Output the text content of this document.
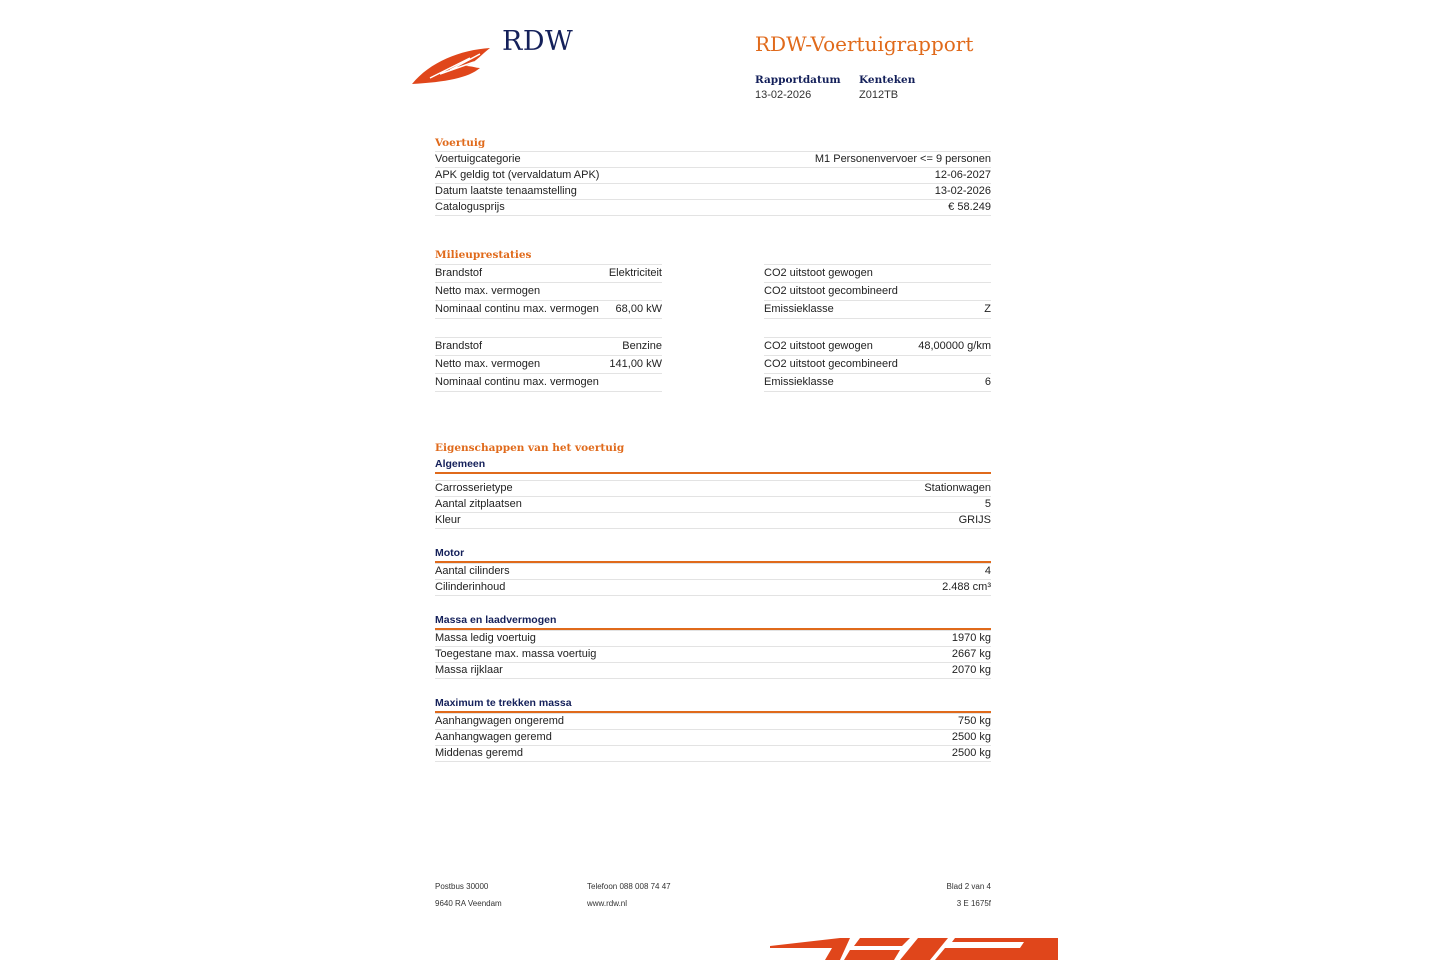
RDW	RDW-Voertuigrapport
Rapportdatum
13-02-2026
Kenteken
Z012TB
Voertuig
Voertuigcategorie	M1 Personenvervoer <= 9 personen
APK geldig tot (vervaldatum APK)	12-06-2027
Datum laatste tenaamstelling	13-02-2026
Catalogusprijs	€ 58.249
Milieuprestaties
Brandstof	Elektriciteit
Netto max. vermogen
Nominaal continu max. vermogen 68,00 kW
CO2 uitstoot gewogen
CO2 uitstoot gecombineerd
Emissieklasse	Z
Brandstof	Benzine
Netto max. vermogen	141,00 kW
Nominaal continu max. vermogen
CO2 uitstoot gewogen	48,00000 g/km
CO2 uitstoot gecombineerd
Emissieklasse	6
Eigenschappen van het voertuig
Algemeen
Carrosserietype	Stationwagen
Aantal zitplaatsen	5
Kleur	GRIJS
Motor
Aantal cilinders	4
Cilinderinhoud	2.488 cm³
Massa en laadvermogen
Massa ledig voertuig	1970 kg
Toegestane max. massa voertuig	2667 kg
Massa rijklaar	2070 kg
Maximum te trekken massa
Aanhangwagen ongeremd	750 kg
Aanhangwagen geremd	2500 kg
Middenas geremd	2500 kg
Postbus 30000
9640 RA Veendam
Telefoon 088 008 74 47
www.rdw.nl
Blad 2 van 4
3 E 1675f
